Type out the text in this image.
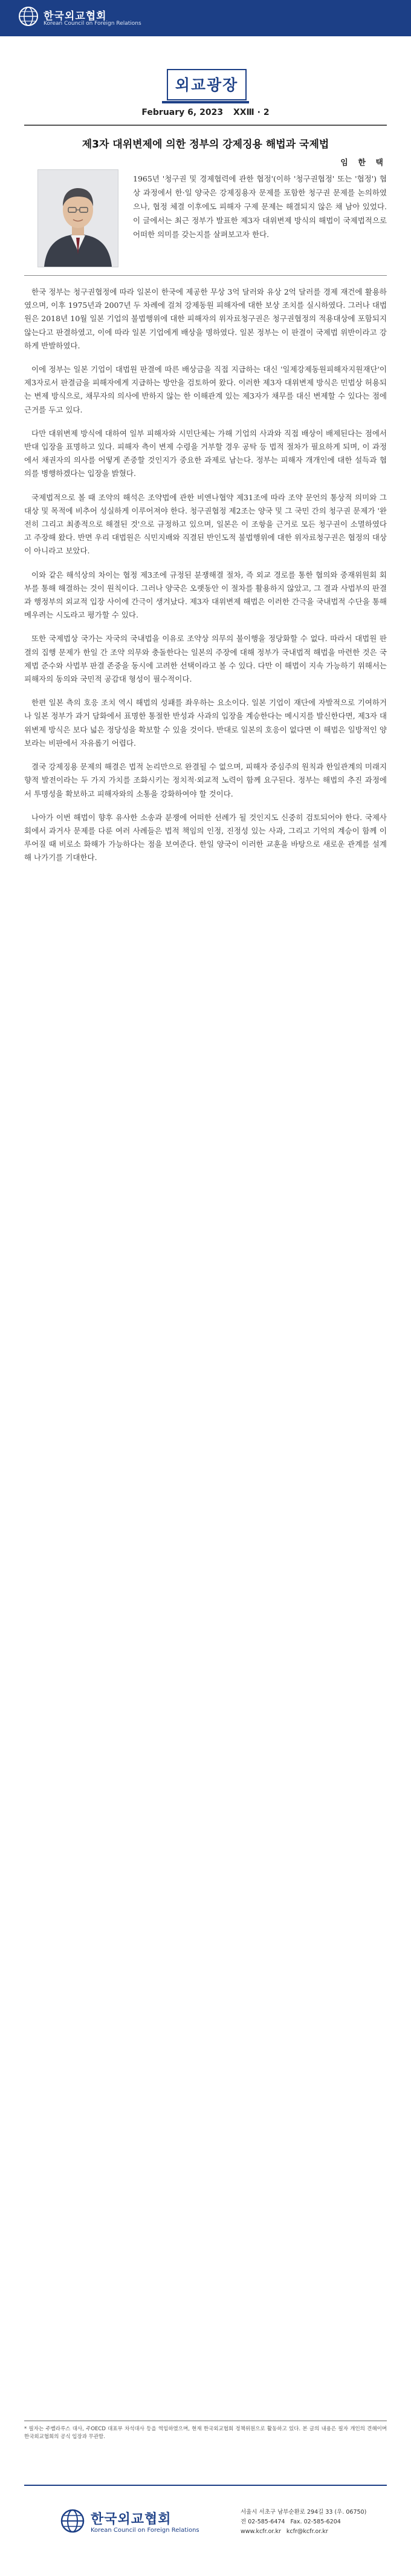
한국외교협회
Korean Council on Foreign Relations
외교광장
February 6, 2023 XXⅢ · 2
제3자 대위변제에 의한 정부의 강제징용 해법과 국제법
임 한 택
1965년 '청구권 및 경제협력에 관한 협정'(이하 '청구권협정' 또는 '협정') 협상 과정에서 한·일 양국은 강제징용자 문제를 포함한 청구권 문제를 논의하였으나, 협정 체결 이후에도 피해자 구제 문제는 해결되지 않은 채 남아 있었다. 이 글에서는 최근 정부가 발표한 제3자 대위변제 방식의 해법이 국제법적으로 어떠한 의미를 갖는지를 살펴보고자 한다.

한국 정부는 청구권협정에 따라 일본이 한국에 제공한 무상 3억 달러와 유상 2억 달러를 경제 재건에 활용하였으며, 이후 1975년과 2007년 두 차례에 걸쳐 강제동원 피해자에 대한 보상 조치를 실시하였다. 그러나 대법원은 2018년 10월 일본 기업의 불법행위에 대한 피해자의 위자료청구권은 청구권협정의 적용대상에 포함되지 않는다고 판결하였고, 이에 따라 일본 기업에게 배상을 명하였다. 일본 정부는 이 판결이 국제법 위반이라고 강하게 반발하였다.

이에 정부는 일본 기업이 대법원 판결에 따른 배상금을 직접 지급하는 대신 '일제강제동원피해자지원재단'이 제3자로서 판결금을 피해자에게 지급하는 방안을 검토하여 왔다. 이러한 제3자 대위변제 방식은 민법상 허용되는 변제 방식으로, 채무자의 의사에 반하지 않는 한 이해관계 있는 제3자가 채무를 대신 변제할 수 있다는 점에 근거를 두고 있다.

다만 대위변제 방식에 대하여 일부 피해자와 시민단체는 가해 기업의 사과와 직접 배상이 배제된다는 점에서 반대 입장을 표명하고 있다. 피해자 측이 변제 수령을 거부할 경우 공탁 등 법적 절차가 필요하게 되며, 이 과정에서 채권자의 의사를 어떻게 존중할 것인지가 중요한 과제로 남는다. 정부는 피해자 개개인에 대한 설득과 협의를 병행하겠다는 입장을 밝혔다.

국제법적으로 볼 때 조약의 해석은 조약법에 관한 비엔나협약 제31조에 따라 조약 문언의 통상적 의미와 그 대상 및 목적에 비추어 성실하게 이루어져야 한다. 청구권협정 제2조는 양국 및 그 국민 간의 청구권 문제가 '완전히 그리고 최종적으로 해결된 것'으로 규정하고 있으며, 일본은 이 조항을 근거로 모든 청구권이 소멸하였다고 주장해 왔다. 반면 우리 대법원은 식민지배와 직결된 반인도적 불법행위에 대한 위자료청구권은 협정의 대상이 아니라고 보았다.

이와 같은 해석상의 차이는 협정 제3조에 규정된 분쟁해결 절차, 즉 외교 경로를 통한 협의와 중재위원회 회부를 통해 해결하는 것이 원칙이다. 그러나 양국은 오랫동안 이 절차를 활용하지 않았고, 그 결과 사법부의 판결과 행정부의 외교적 입장 사이에 간극이 생겨났다. 제3자 대위변제 해법은 이러한 간극을 국내법적 수단을 통해 메우려는 시도라고 평가할 수 있다.

또한 국제법상 국가는 자국의 국내법을 이유로 조약상 의무의 불이행을 정당화할 수 없다. 따라서 대법원 판결의 집행 문제가 한일 간 조약 의무와 충돌한다는 일본의 주장에 대해 정부가 국내법적 해법을 마련한 것은 국제법 준수와 사법부 판결 존중을 동시에 고려한 선택이라고 볼 수 있다. 다만 이 해법이 지속 가능하기 위해서는 피해자의 동의와 국민적 공감대 형성이 필수적이다.

한편 일본 측의 호응 조치 역시 해법의 성패를 좌우하는 요소이다. 일본 기업이 재단에 자발적으로 기여하거나 일본 정부가 과거 담화에서 표명한 통절한 반성과 사과의 입장을 계승한다는 메시지를 발신한다면, 제3자 대위변제 방식은 보다 넓은 정당성을 확보할 수 있을 것이다. 반대로 일본의 호응이 없다면 이 해법은 일방적인 양보라는 비판에서 자유롭기 어렵다.

결국 강제징용 문제의 해결은 법적 논리만으로 완결될 수 없으며, 피해자 중심주의 원칙과 한일관계의 미래지향적 발전이라는 두 가지 가치를 조화시키는 정치적·외교적 노력이 함께 요구된다. 정부는 해법의 추진 과정에서 투명성을 확보하고 피해자와의 소통을 강화하여야 할 것이다.

나아가 이번 해법이 향후 유사한 소송과 분쟁에 어떠한 선례가 될 것인지도 신중히 검토되어야 한다. 국제사회에서 과거사 문제를 다룬 여러 사례들은 법적 책임의 인정, 진정성 있는 사과, 그리고 기억의 계승이 함께 이루어질 때 비로소 화해가 가능하다는 점을 보여준다. 한일 양국이 이러한 교훈을 바탕으로 새로운 관계를 설계해 나가기를 기대한다.

* 필자는 주벨라루스 대사, 주OECD 대표부 차석대사 등을 역임하였으며, 현재 한국외교협회 정책위원으로 활동하고 있다. 본 글의 내용은 필자 개인의 견해이며 한국외교협회의 공식 입장과 무관함.
한국외교협회
Korean Council on Foreign Relations
서울시 서초구 남부순환로 294길 33 (우. 06750)
전 02-585-6474 Fax. 02-585-6204
www.kcfr.or.kr kcfr@kcfr.or.kr
